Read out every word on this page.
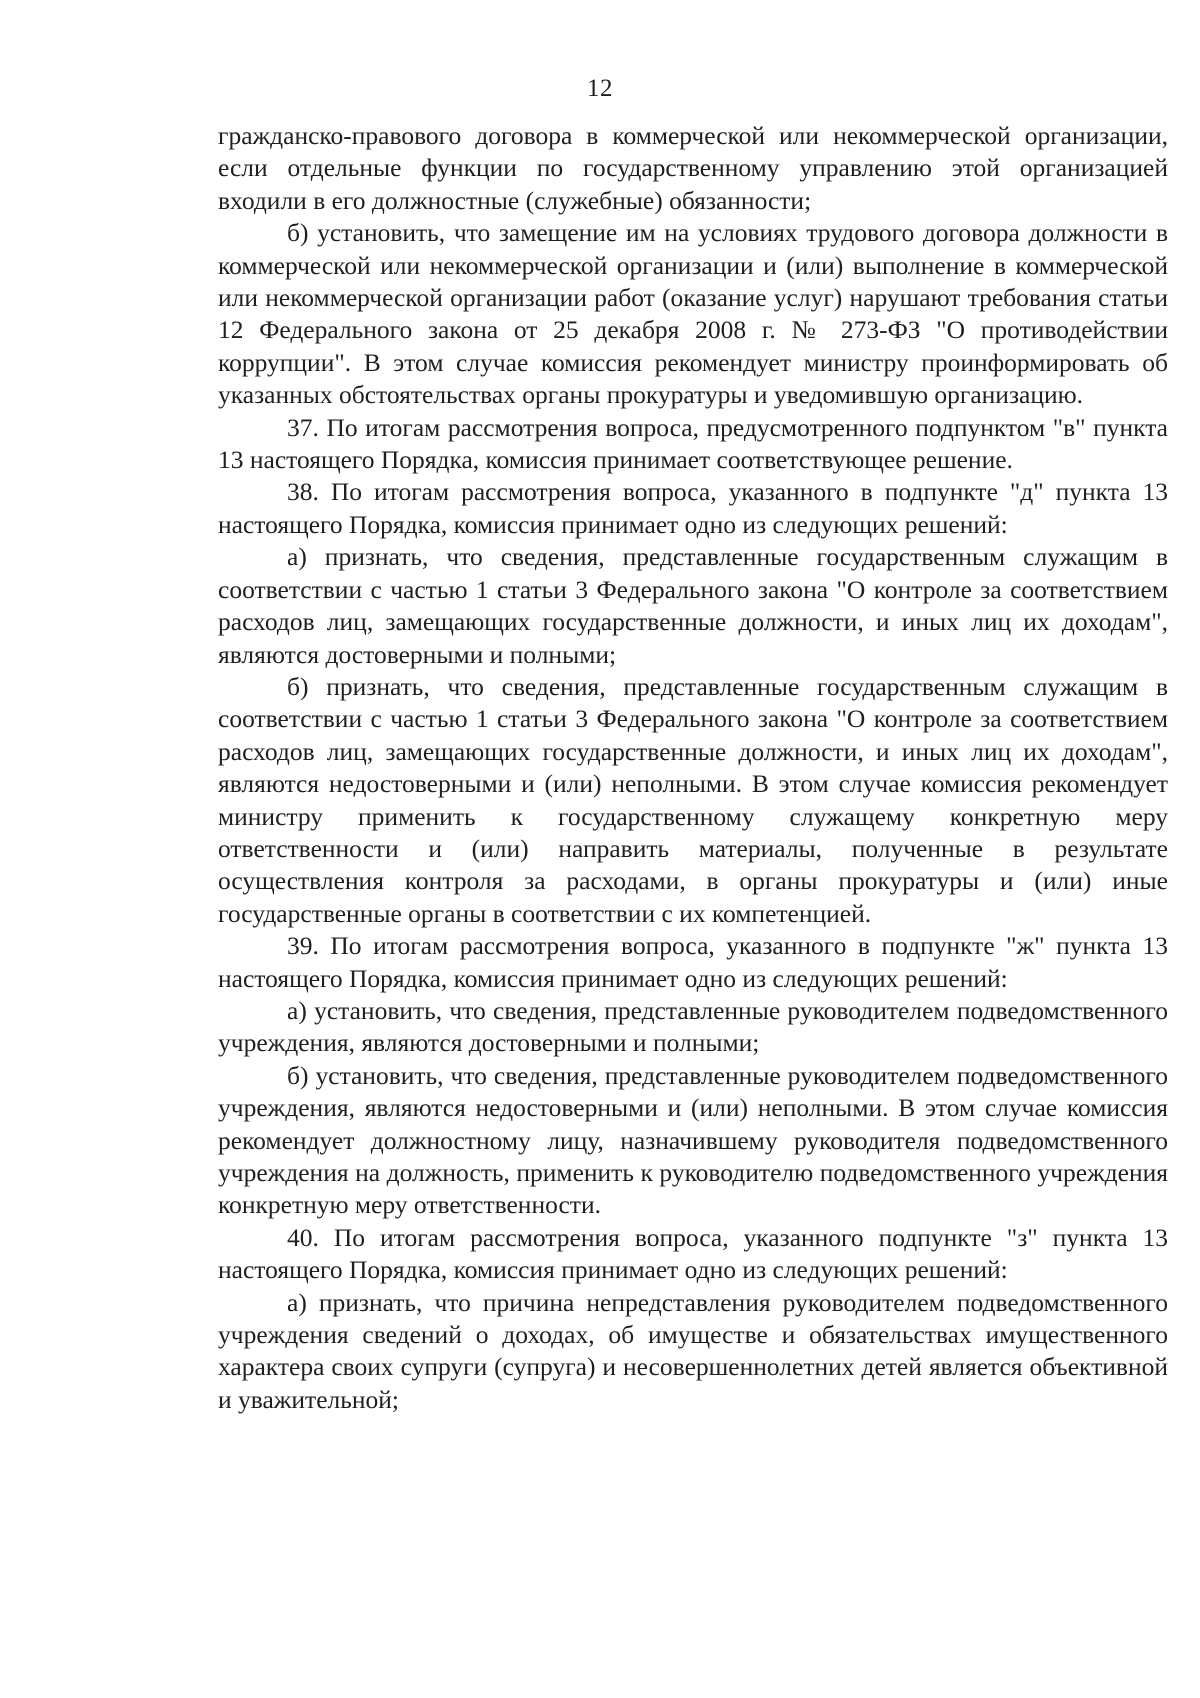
12

гражданско-правового договора в коммерческой или некоммерческой организации, если отдельные функции по государственному управлению этой организацией входили в его должностные (служебные) обязанности;

б) установить, что замещение им на условиях трудового договора должности в коммерческой или некоммерческой организации и (или) выполнение в коммерческой или некоммерческой организации работ (оказание услуг) нарушают требования статьи 12 Федерального закона от 25 декабря 2008 г. № 273-ФЗ "О противодействии коррупции". В этом случае комиссия рекомендует министру проинформировать об указанных обстоятельствах органы прокуратуры и уведомившую организацию.

37. По итогам рассмотрения вопроса, предусмотренного подпунктом "в" пункта 13 настоящего Порядка, комиссия принимает соответствующее решение.

38. По итогам рассмотрения вопроса, указанного в подпункте "д" пункта 13 настоящего Порядка, комиссия принимает одно из следующих решений:

а) признать, что сведения, представленные государственным служащим в соответствии с частью 1 статьи 3 Федерального закона "О контроле за соответствием расходов лиц, замещающих государственные должности, и иных лиц их доходам", являются достоверными и полными;

б) признать, что сведения, представленные государственным служащим в соответствии с частью 1 статьи 3 Федерального закона "О контроле за соответствием расходов лиц, замещающих государственные должности, и иных лиц их доходам", являются недостоверными и (или) неполными. В этом случае комиссия рекомендует министру применить к государственному служащему конкретную меру ответственности и (или) направить материалы, полученные в результате осуществления контроля за расходами, в органы прокуратуры и (или) иные государственные органы в соответствии с их компетенцией.

39. По итогам рассмотрения вопроса, указанного в подпункте "ж" пункта 13 настоящего Порядка, комиссия принимает одно из следующих решений:

а) установить, что сведения, представленные руководителем подведомственного учреждения, являются достоверными и полными;

б) установить, что сведения, представленные руководителем подведомственного учреждения, являются недостоверными и (или) неполными. В этом случае комиссия рекомендует должностному лицу, назначившему руководителя подведомственного учреждения на должность, применить к руководителю подведомственного учреждения конкретную меру ответственности.

40. По итогам рассмотрения вопроса, указанного подпункте "з" пункта 13 настоящего Порядка, комиссия принимает одно из следующих решений:

а) признать, что причина непредставления руководителем подведомственного учреждения сведений о доходах, об имуществе и обязательствах имущественного характера своих супруги (супруга) и несовершеннолетних детей является объективной и уважительной;
